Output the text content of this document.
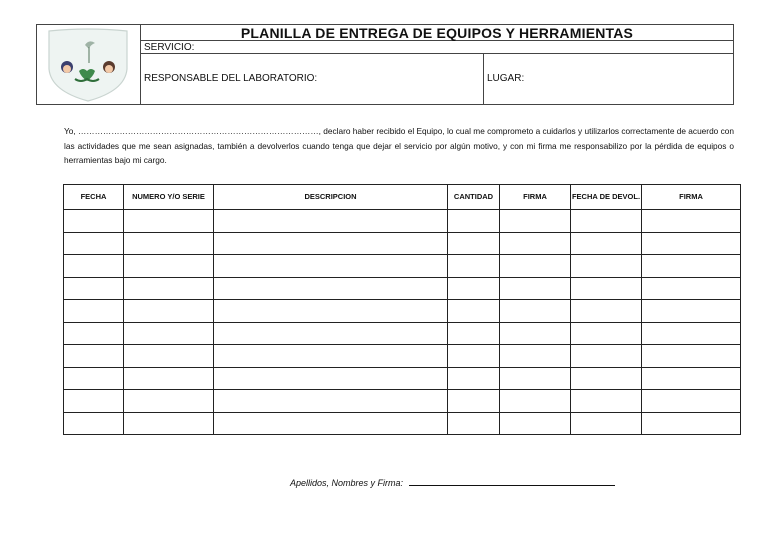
PLANILLA DE ENTREGA DE EQUIPOS Y HERRAMIENTAS
SERVICIO:
RESPONSABLE DEL LABORATORIO:	LUGAR:
Yo, ……………………………………………………………………………, declaro haber recibido el Equipo, lo cual me comprometo a cuidarlos y utilizarlos correctamente de acuerdo con las actividades que me sean asignadas, también a devolverlos cuando tenga que dejar el servicio por algún motivo, y con mi firma me responsabilizo por la pérdida de equipos o herramientas bajo mi cargo.
FECHA	NUMERO Y/O SERIE	DESCRIPCION	CANTIDAD	FIRMA	FECHA DE DEVOL.	FIRMA

Apellidos, Nombres y Firma:
